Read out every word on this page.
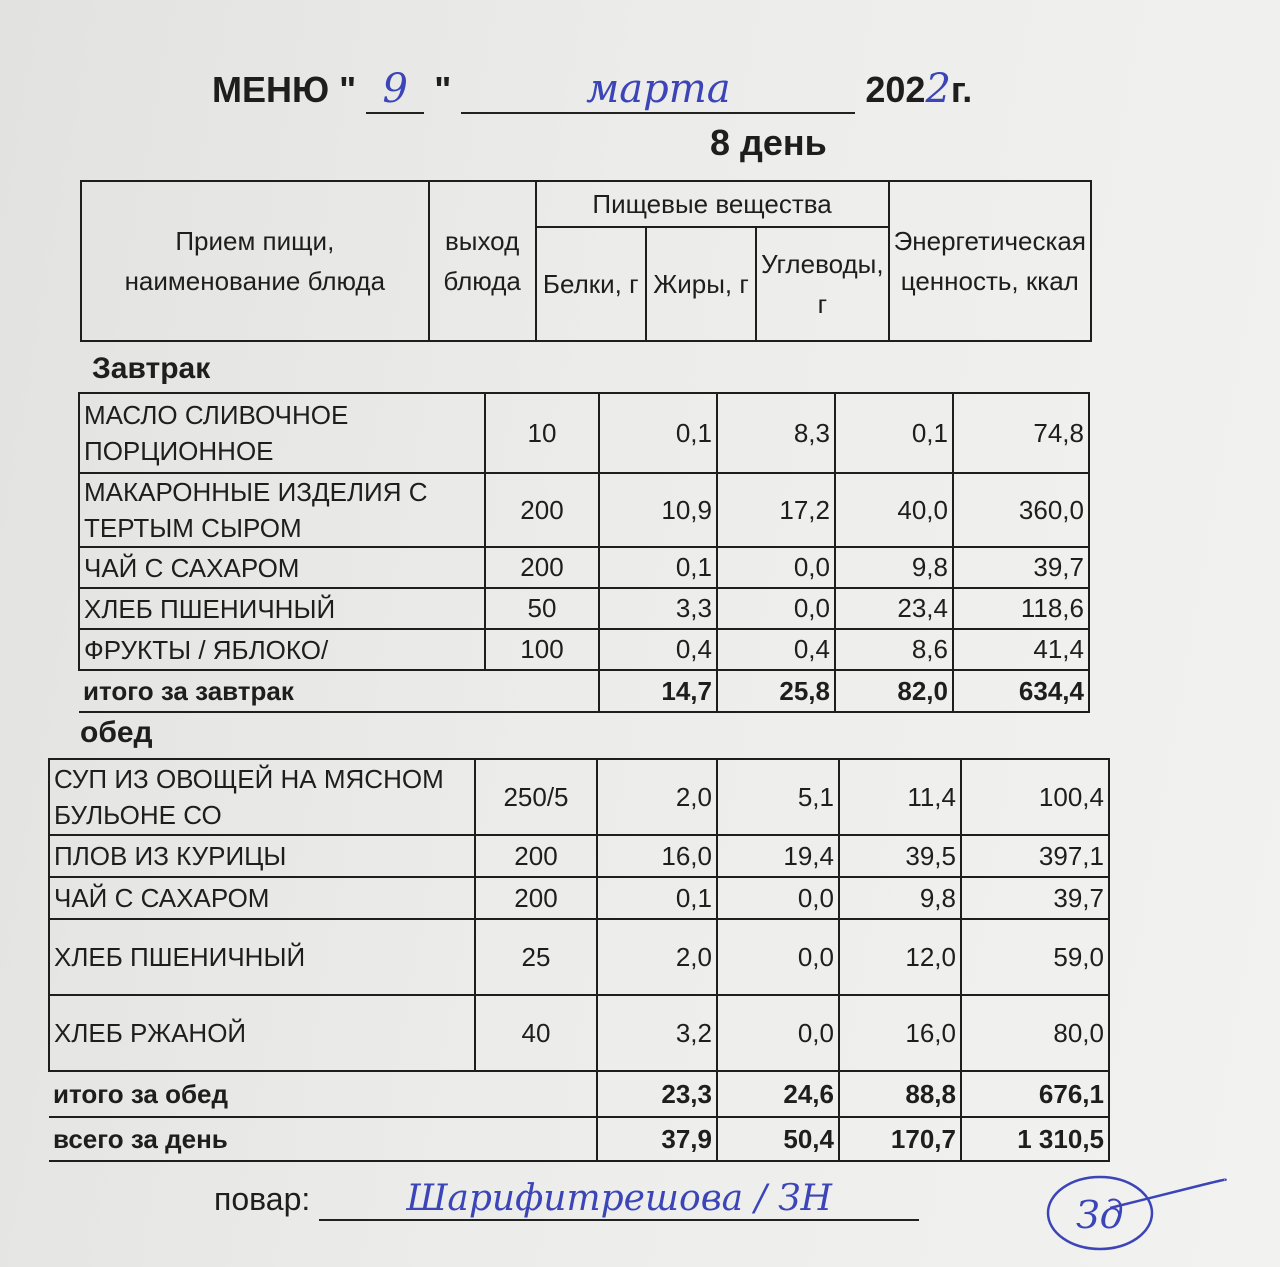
МЕНЮ " 9 "	марта	2022г.
8 день
Прием пищи, наименование блюда	выход блюда	Пищевые вещества			Энергетическая ценность, ккал
		Белки, г	Жиры, г	Углеводы, г	
Завтрак
МАСЛО СЛИВОЧНОЕ ПОРЦИОННОЕ	10	0,1	8,3	0,1	74,8
МАКАРОННЫЕ ИЗДЕЛИЯ С ТЕРТЫМ СЫРОМ	200	10,9	17,2	40,0	360,0
ЧАЙ С САХАРОМ	200	0,1	0,0	9,8	39,7
ХЛЕБ ПШЕНИЧНЫЙ	50	3,3	0,0	23,4	118,6
ФРУКТЫ / ЯБЛОКО/	100	0,4	0,4	8,6	41,4
итого за завтрак		14,7	25,8	82,0	634,4
обед
СУП ИЗ ОВОЩЕЙ НА МЯСНОМ БУЛЬОНЕ СО	250/5	2,0	5,1	11,4	100,4
ПЛОВ ИЗ КУРИЦЫ	200	16,0	19,4	39,5	397,1
ЧАЙ С САХАРОМ	200	0,1	0,0	9,8	39,7
ХЛЕБ ПШЕНИЧНЫЙ	25	2,0	0,0	12,0	59,0
ХЛЕБ РЖАНОЙ	40	3,2	0,0	16,0	80,0
итого за обед		23,3	24,6	88,8	676,1
всего за день		37,9	50,4	170,7	1 310,5
повар:	Шарифитрешова / ЗН	Зд
